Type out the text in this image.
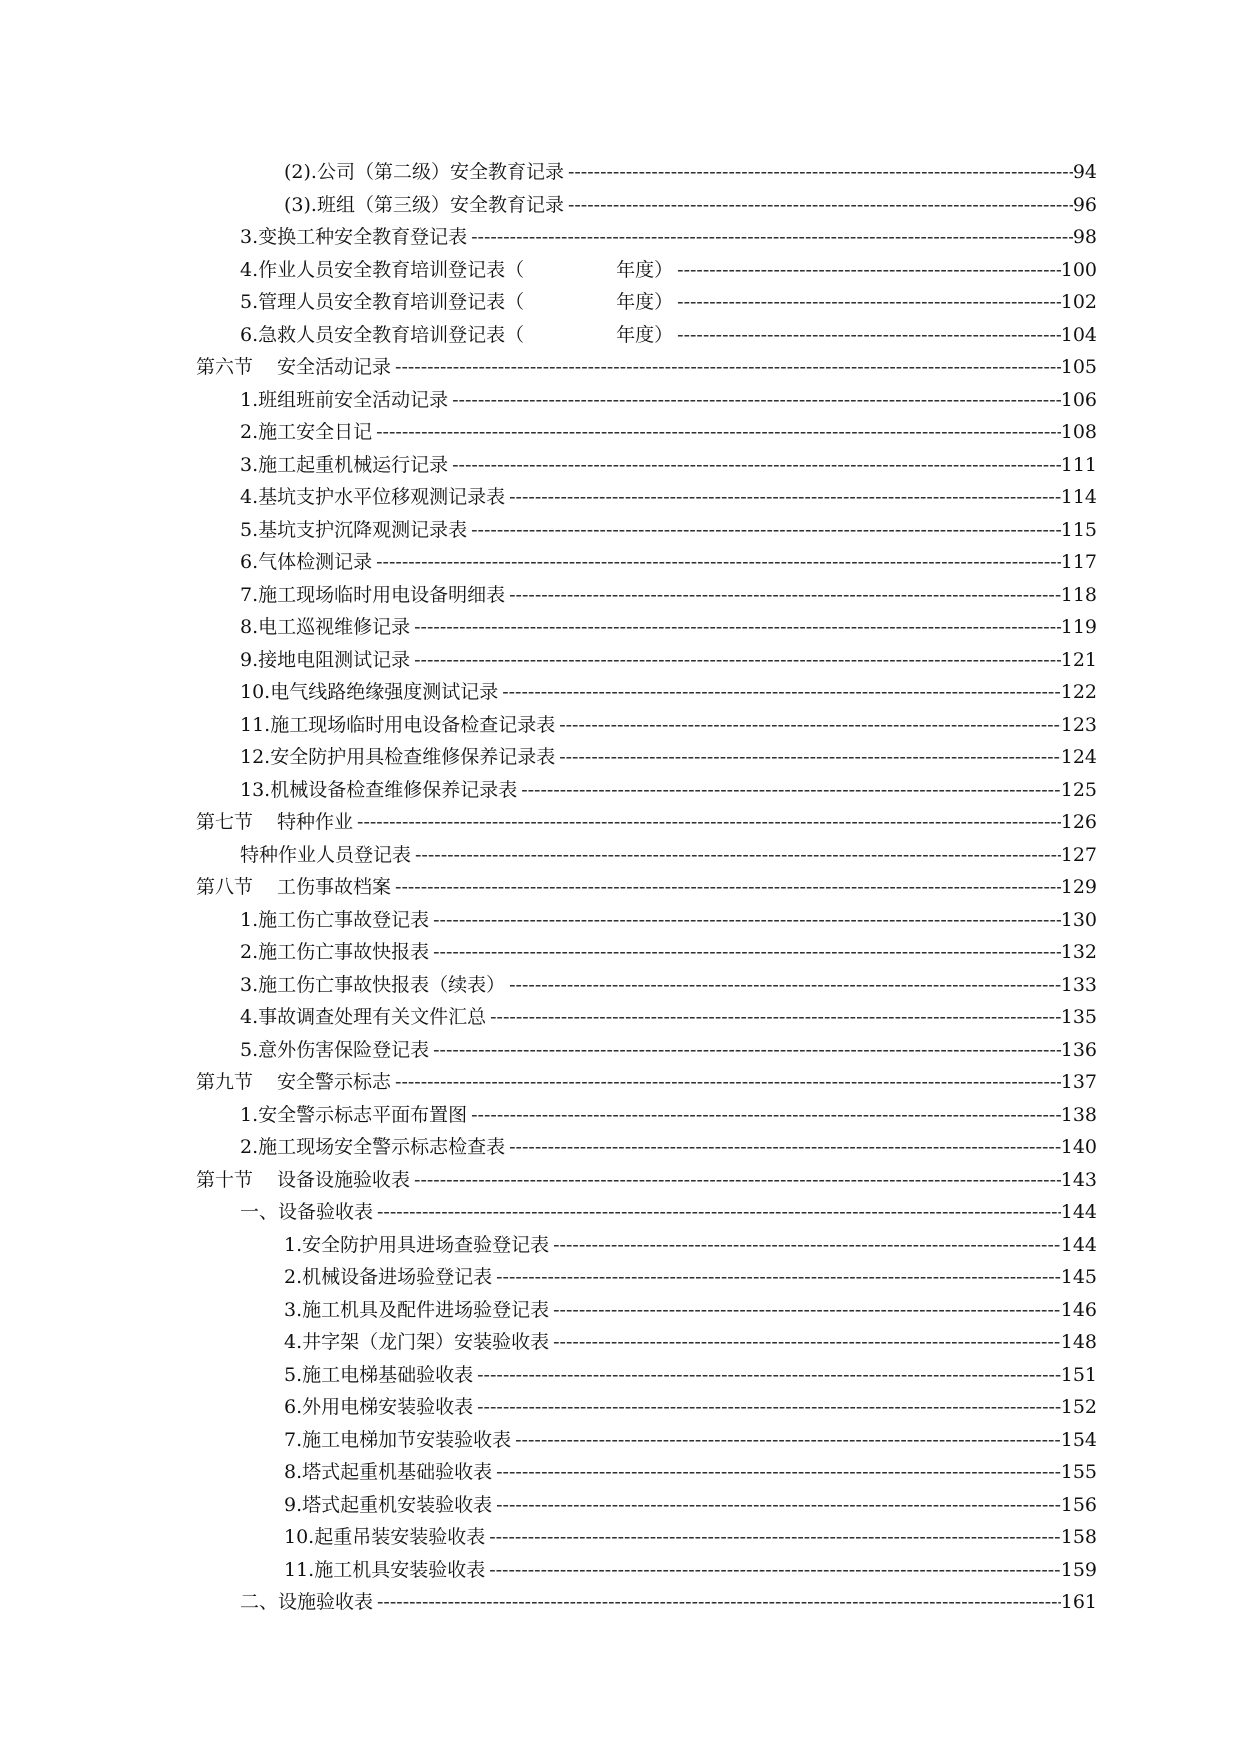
(2).公司（第二级）安全教育记录 -----	94
(3).班组（第三级）安全教育记录 -----	96
3.变换工种安全教育登记表 -----	98
4.作业人员安全教育培训登记表（	年度） -----	100
5.管理人员安全教育培训登记表（	年度） -----	102
6.急救人员安全教育培训登记表（	年度） -----	104
第六节 安全活动记录 -----	105
1.班组班前安全活动记录 -----	106
2.施工安全日记 -----	108
3.施工起重机械运行记录 -----	111
4.基坑支护水平位移观测记录表 -----	114
5.基坑支护沉降观测记录表 -----	115
6.气体检测记录 -----	117
7.施工现场临时用电设备明细表 -----	118
8.电工巡视维修记录 -----	119
9.接地电阻测试记录 -----	121
10.电气线路绝缘强度测试记录 -----	122
11.施工现场临时用电设备检查记录表 -----	123
12.安全防护用具检查维修保养记录表 -----	124
13.机械设备检查维修保养记录表 -----	125
第七节 特种作业 -----	126
特种作业人员登记表 -----	127
第八节 工伤事故档案 -----	129
1.施工伤亡事故登记表 -----	130
2.施工伤亡事故快报表 -----	132
3.施工伤亡事故快报表（续表） -----	133
4.事故调查处理有关文件汇总 -----	135
5.意外伤害保险登记表 -----	136
第九节 安全警示标志 -----	137
1.安全警示标志平面布置图 -----	138
2.施工现场安全警示标志检查表 -----	140
第十节 设备设施验收表 -----	143
一、设备验收表 -----	144
1.安全防护用具进场查验登记表 -----	144
2.机械设备进场验登记表 -----	145
3.施工机具及配件进场验登记表 -----	146
4.井字架（龙门架）安装验收表 -----	148
5.施工电梯基础验收表 -----	151
6.外用电梯安装验收表 -----	152
7.施工电梯加节安装验收表 -----	154
8.塔式起重机基础验收表 -----	155
9.塔式起重机安装验收表 -----	156
10.起重吊装安装验收表 -----	158
11.施工机具安装验收表 -----	159
二、设施验收表 -----	161
